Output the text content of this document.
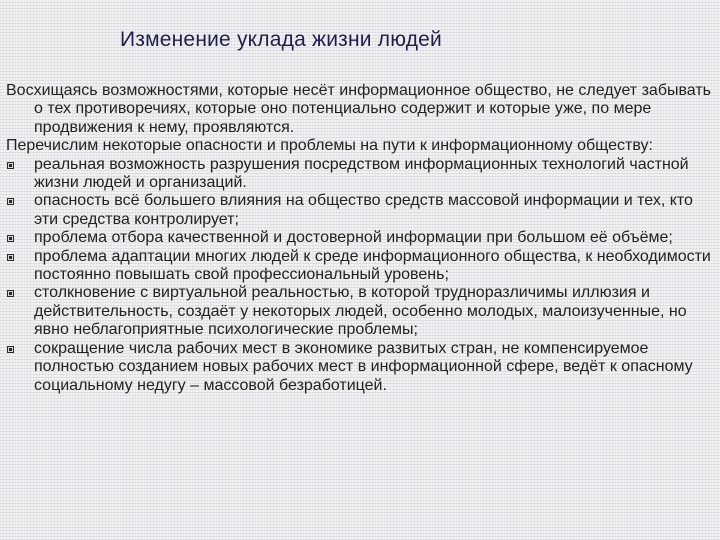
Изменение уклада жизни людей

Восхищаясь возможностями, которые несёт информационное общество, не следует забывать о тех противоречиях, которые оно потенциально содержит и которые уже, по мере продвижения к нему, проявляются.

Перечислим некоторые опасности и проблемы на пути к информационному обществу:

реальная возможность разрушения посредством информационных технологий частной жизни людей и организаций.
опасность всё большего влияния на общество средств массовой информации и тех, кто эти средства контролирует;
проблема отбора качественной и достоверной информации при большом её объёме;
проблема адаптации многих людей к среде информационного общества, к необходимости постоянно повышать свой профессиональный уровень;
столкновение с виртуальной реальностью, в которой трудноразличимы иллюзия и действительность, создаёт у некоторых людей, особенно молодых, малоизученные, но явно неблагоприятные психологические проблемы;
сокращение числа рабочих мест в экономике развитых стран, не компенсируемое полностью созданием новых рабочих мест в информационной сфере, ведёт к опасному социальному недугу – массовой безработицей.
